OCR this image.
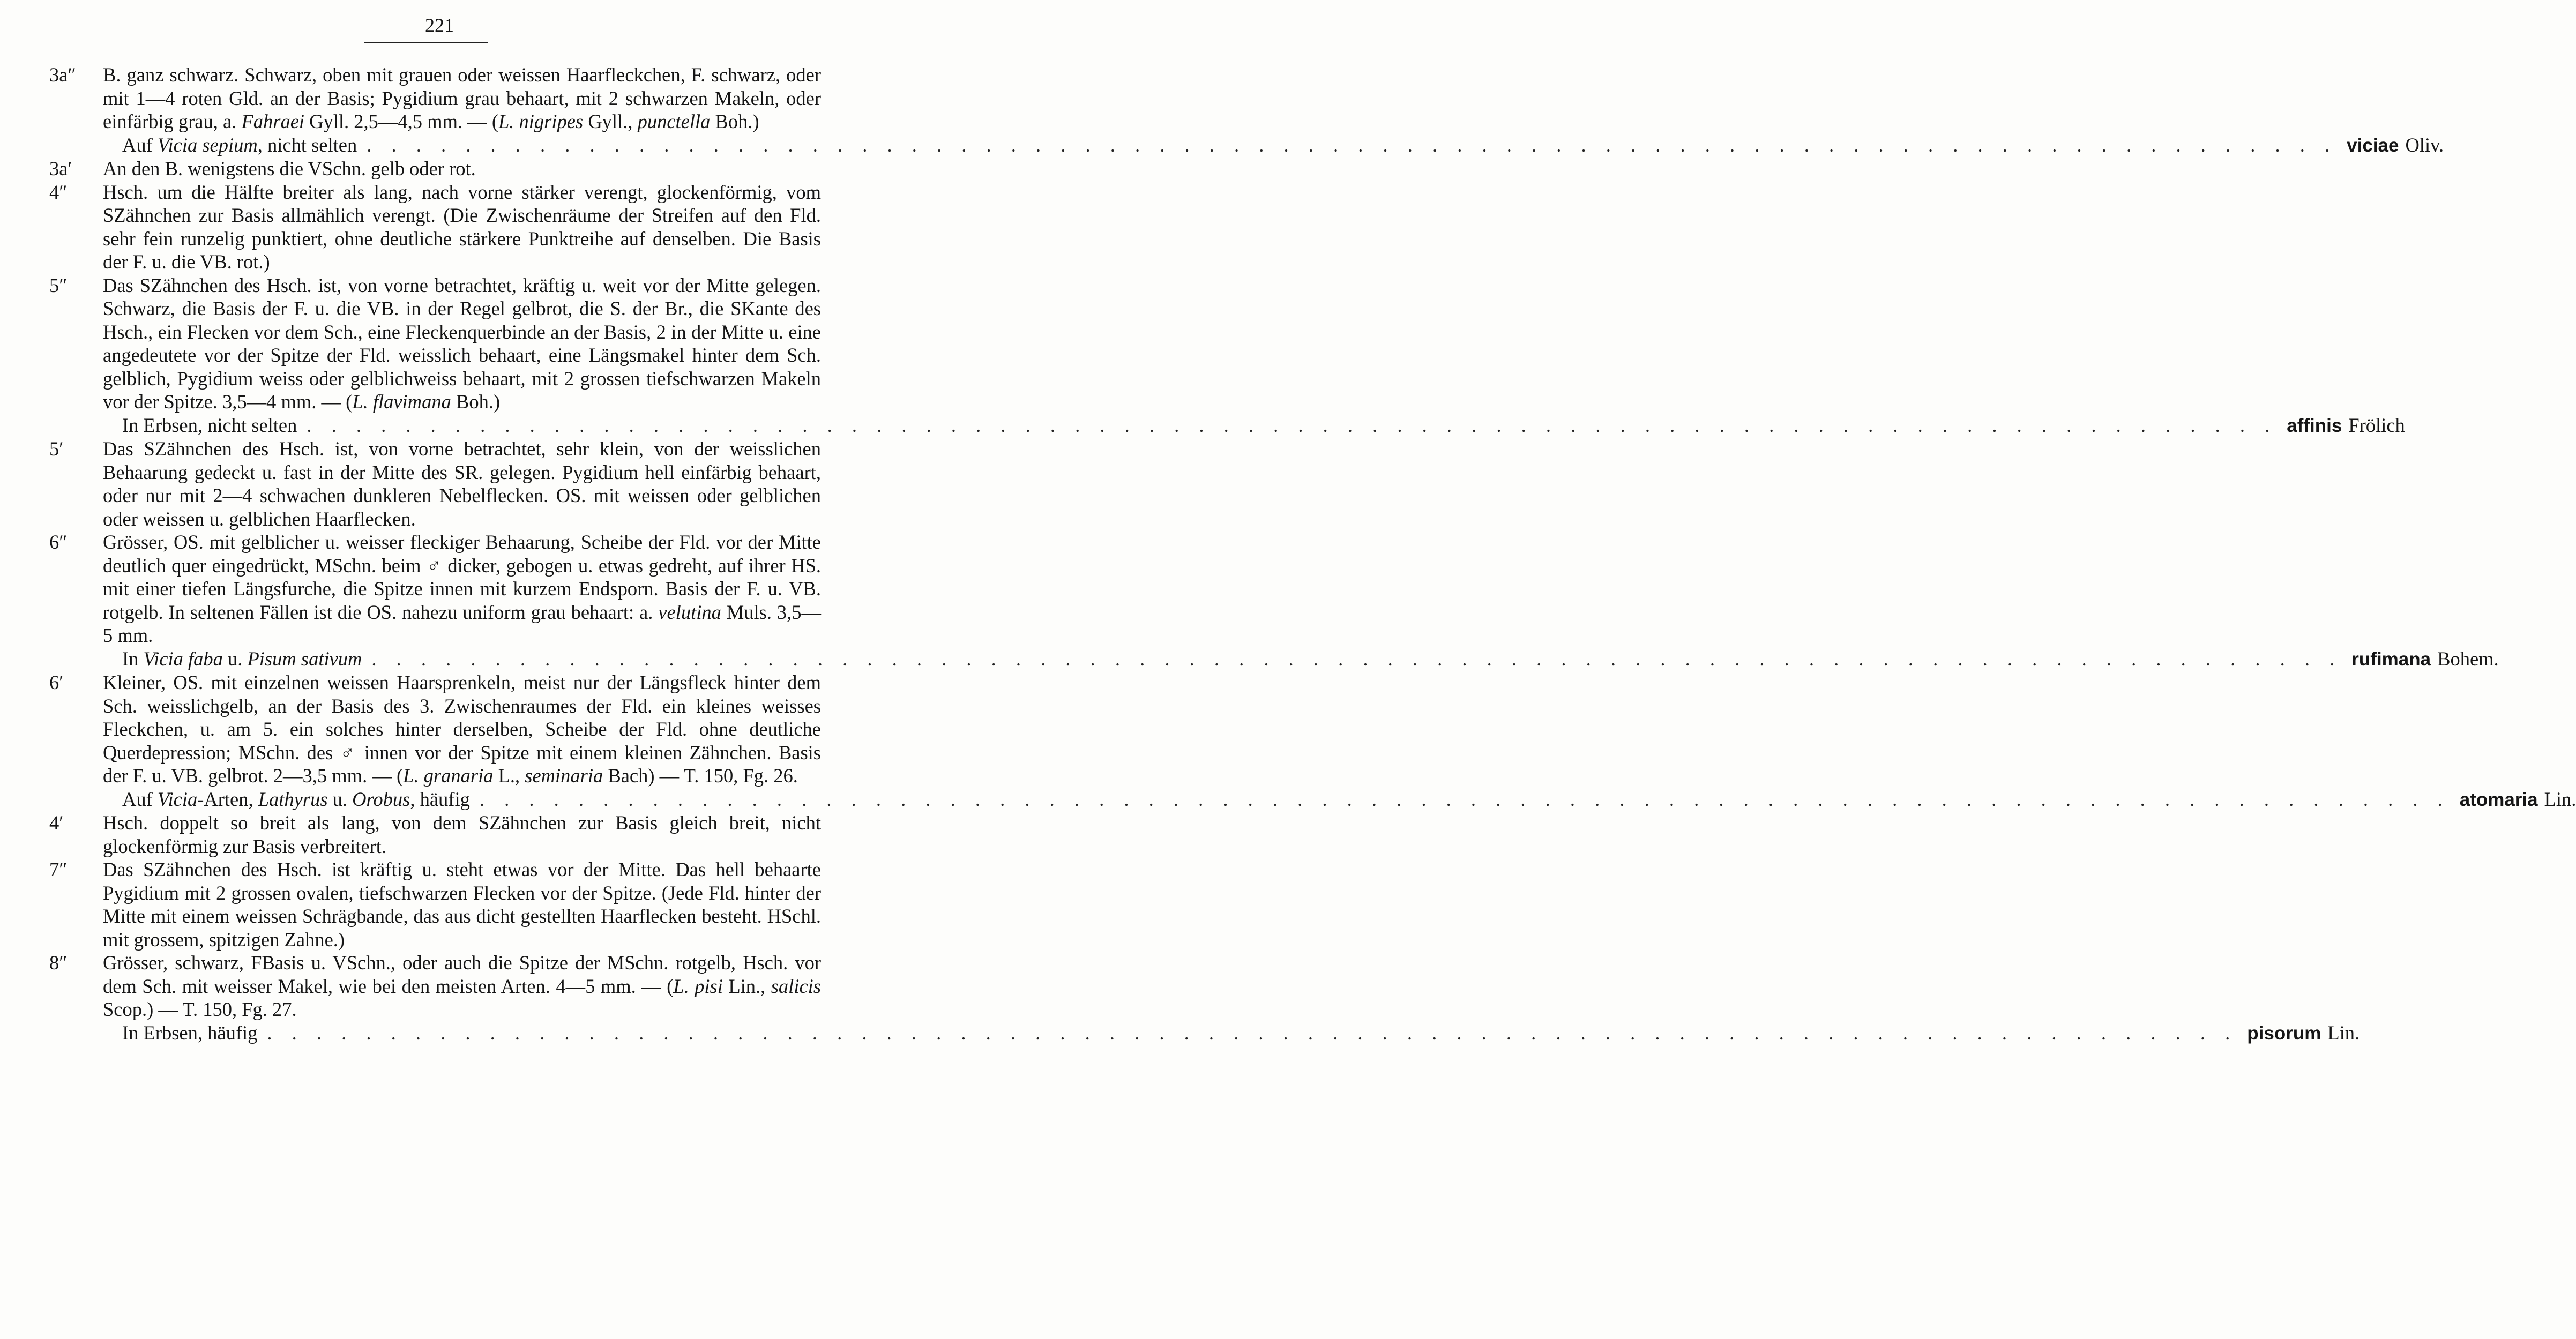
221
3a″	B. ganz schwarz. Schwarz, oben mit grauen oder weissen Haarfleckchen, F. schwarz, oder mit 1—4 roten Gld. an der Basis; Pygidium grau behaart, mit 2 schwarzen Makeln, oder einfärbig grau, a. Fahraei Gyll. 2,5—4,5 mm. — (L. nigripes Gyll., punctella Boh.)
Auf Vicia sepium, nicht selten . . . . . . . . . . . . . . . . . . . . . . . . . . . . . . . . . . . . . . . . . . . . . . . . . . . . . . . . . . . . . . . . . . . . . . . . . . . . . . . . viciae Oliv.
3a′	An den B. wenigstens die VSchn. gelb oder rot.
4″	Hsch. um die Hälfte breiter als lang, nach vorne stärker verengt, glockenförmig, vom SZähnchen zur Basis allmählich verengt. (Die Zwischenräume der Streifen auf den Fld. sehr fein runzelig punktiert, ohne deutliche stärkere Punktreihe auf denselben. Die Basis der F. u. die VB. rot.)
5″	Das SZähnchen des Hsch. ist, von vorne betrachtet, kräftig u. weit vor der Mitte gelegen. Schwarz, die Basis der F. u. die VB. in der Regel gelbrot, die S. der Br., die SKante des Hsch., ein Flecken vor dem Sch., eine Fleckenquerbinde an der Basis, 2 in der Mitte u. eine angedeutete vor der Spitze der Fld. weisslich behaart, eine Längsmakel hinter dem Sch. gelblich, Pygidium weiss oder gelblichweiss behaart, mit 2 grossen tiefschwarzen Makeln vor der Spitze. 3,5—4 mm. — (L. flavimana Boh.)
In Erbsen, nicht selten . . . . . . . . . . . . . . . . . . . . . . . . . . . . . . . . . . . . . . . . . . . . . . . . . . . . . . . . . . . . . . . . . . . . . . . . . . . . . . . . affinis Frölich
5′	Das SZähnchen des Hsch. ist, von vorne betrachtet, sehr klein, von der weisslichen Behaarung gedeckt u. fast in der Mitte des SR. gelegen. Pygidium hell einfärbig behaart, oder nur mit 2—4 schwachen dunkleren Nebelflecken. OS. mit weissen oder gelblichen oder weissen u. gelblichen Haarflecken.
6″	Grösser, OS. mit gelblicher u. weisser fleckiger Behaarung, Scheibe der Fld. vor der Mitte deutlich quer eingedrückt, MSchn. beim ♂ dicker, gebogen u. etwas gedreht, auf ihrer HS. mit einer tiefen Längsfurche, die Spitze innen mit kurzem Endsporn. Basis der F. u. VB. rotgelb. In seltenen Fällen ist die OS. nahezu uniform grau behaart: a. velutina Muls. 3,5—5 mm.
In Vicia faba u. Pisum sativum . . . . . . . . . . . . . . . . . . . . . . . . . . . . . . . . . . . . . . . . . . . . . . . . . . . . . . . . . . . . . . . . . . . . . . . . . . . . . . . . rufimana Bohem.
6′	Kleiner, OS. mit einzelnen weissen Haarsprenkeln, meist nur der Längsfleck hinter dem Sch. weisslichgelb, an der Basis des 3. Zwischenraumes der Fld. ein kleines weisses Fleckchen, u. am 5. ein solches hinter derselben, Scheibe der Fld. ohne deutliche Querdepression; MSchn. des ♂ innen vor der Spitze mit einem kleinen Zähnchen. Basis der F. u. VB. gelbrot. 2—3,5 mm. — (L. granaria L., seminaria Bach) — T. 150, Fg. 26.
Auf Vicia-Arten, Lathyrus u. Orobus, häufig . . . . . . . . . . . . . . . . . . . . . . . . . . . . . . . . . . . . . . . . . . . . . . . . . . . . . . . . . . . . . . . . . . . . . . . . . . . . . . . . atomaria Lin.
4′	Hsch. doppelt so breit als lang, von dem SZähnchen zur Basis gleich breit, nicht glockenförmig zur Basis verbreitert.
7″	Das SZähnchen des Hsch. ist kräftig u. steht etwas vor der Mitte. Das hell behaarte Pygidium mit 2 grossen ovalen, tiefschwarzen Flecken vor der Spitze. (Jede Fld. hinter der Mitte mit einem weissen Schrägbande, das aus dicht gestellten Haarflecken besteht. HSchl. mit grossem, spitzigen Zahne.)
8″	Grösser, schwarz, FBasis u. VSchn., oder auch die Spitze der MSchn. rotgelb, Hsch. vor dem Sch. mit weisser Makel, wie bei den meisten Arten. 4—5 mm. — (L. pisi Lin., salicis Scop.) — T. 150, Fg. 27.
In Erbsen, häufig . . . . . . . . . . . . . . . . . . . . . . . . . . . . . . . . . . . . . . . . . . . . . . . . . . . . . . . . . . . . . . . . . . . . . . . . . . . . . . . . pisorum Lin.
